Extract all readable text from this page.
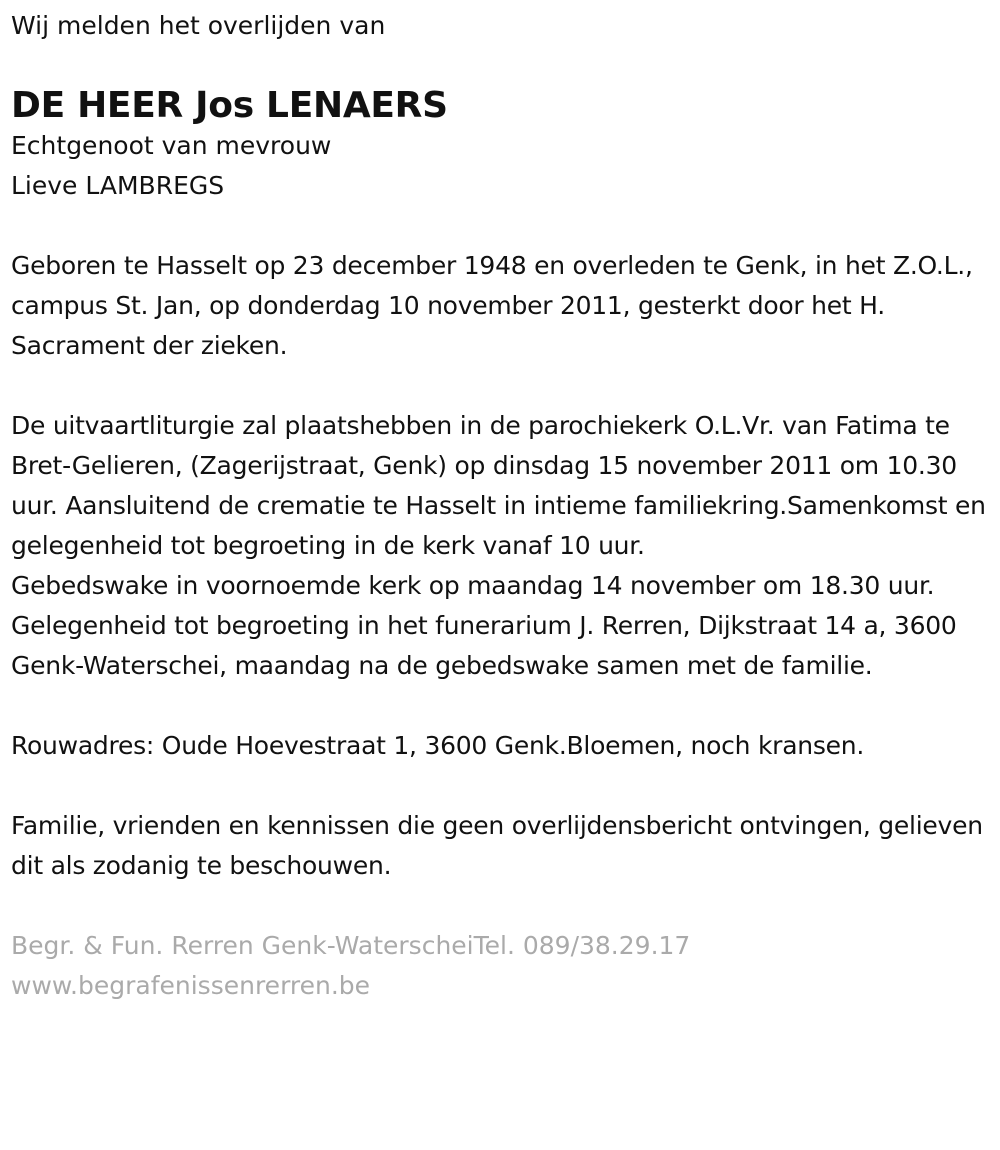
Wij melden het overlijden van

DE HEER Jos LENAERS

Echtgenoot van mevrouw

Lieve LAMBREGS

Geboren te Hasselt op 23 december 1948 en overleden te Genk, in het Z.O.L., campus St. Jan, op donderdag 10 november 2011, gesterkt door het H. Sacrament der zieken.

De uitvaartliturgie zal plaatshebben in de parochiekerk O.L.Vr. van Fatima te Bret-Gelieren, (Zagerijstraat, Genk) op dinsdag 15 november 2011 om 10.30 uur. Aansluitend de crematie te Hasselt in intieme familiekring.Samenkomst en gelegenheid tot begroeting in de kerk vanaf 10 uur.

Gebedswake in voornoemde kerk op maandag 14 november om 18.30 uur.

Gelegenheid tot begroeting in het funerarium J. Rerren, Dijkstraat 14 a, 3600 Genk-Waterschei, maandag na de gebedswake samen met de familie.

Rouwadres: Oude Hoevestraat 1, 3600 Genk.Bloemen, noch kransen.

Familie, vrienden en kennissen die geen overlijdensbericht ontvingen, gelieven dit als zodanig te beschouwen.

Begr. & Fun. Rerren Genk-WaterscheiTel. 089/38.29.17

www.begrafenissenrerren.be
